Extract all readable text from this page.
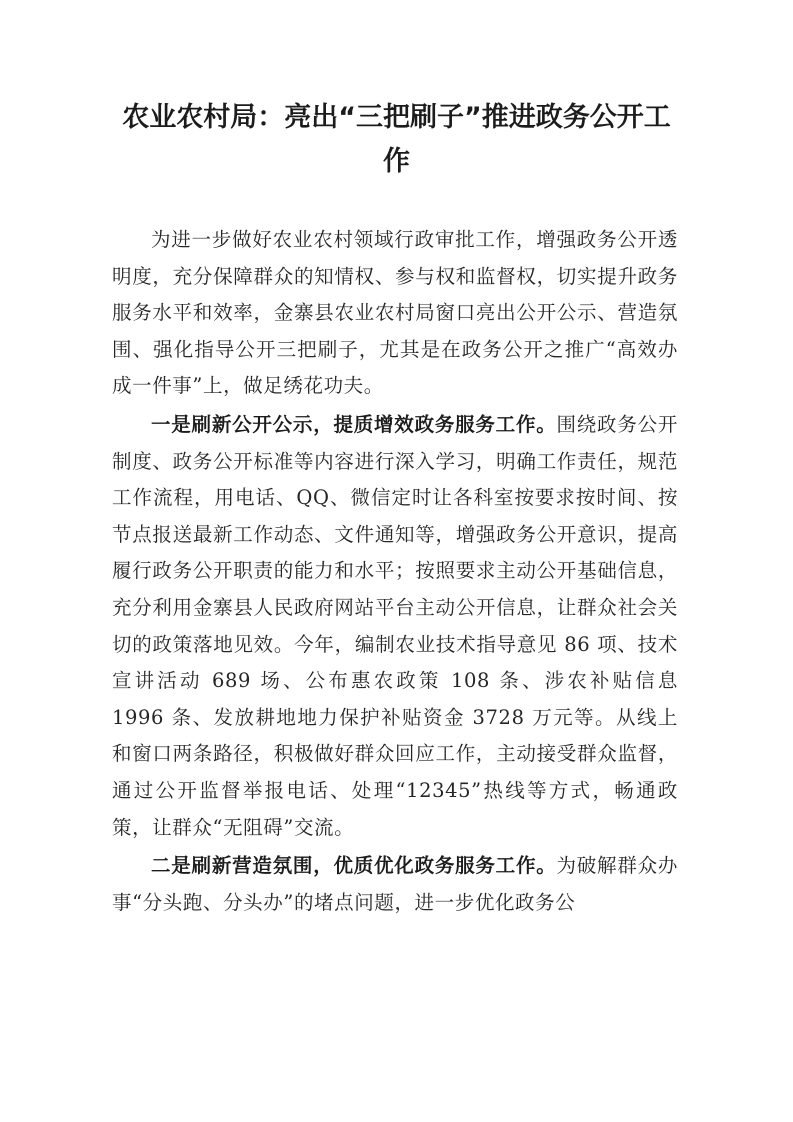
农业农村局：亮出“三把刷子”推进政务公开工作

为进一步做好农业农村领域行政审批工作，增强政务公开透明度，充分保障群众的知情权、参与权和监督权，切实提升政务服务水平和效率，金寨县农业农村局窗口亮出公开公示、营造氛围、强化指导公开三把刷子，尤其是在政务公开之推广“高效办成一件事”上，做足绣花功夫。

一是刷新公开公示，提质增效政务服务工作。围绕政务公开制度、政务公开标准等内容进行深入学习，明确工作责任，规范工作流程，用电话、QQ、微信定时让各科室按要求按时间、按节点报送最新工作动态、文件通知等，增强政务公开意识，提高履行政务公开职责的能力和水平；按照要求主动公开基础信息，充分利用金寨县人民政府网站平台主动公开信息，让群众社会关切的政策落地见效。今年，编制农业技术指导意见 86 项、技术宣讲活动 689 场、公布惠农政策 108 条、涉农补贴信息 1996 条、发放耕地地力保护补贴资金 3728 万元等。从线上和窗口两条路径，积极做好群众回应工作，主动接受群众监督，通过公开监督举报电话、处理“12345”热线等方式，畅通政策，让群众“无阻碍”交流。

二是刷新营造氛围，优质优化政务服务工作。为破解群众办事“分头跑、分头办”的堵点问题，进一步优化政务公
